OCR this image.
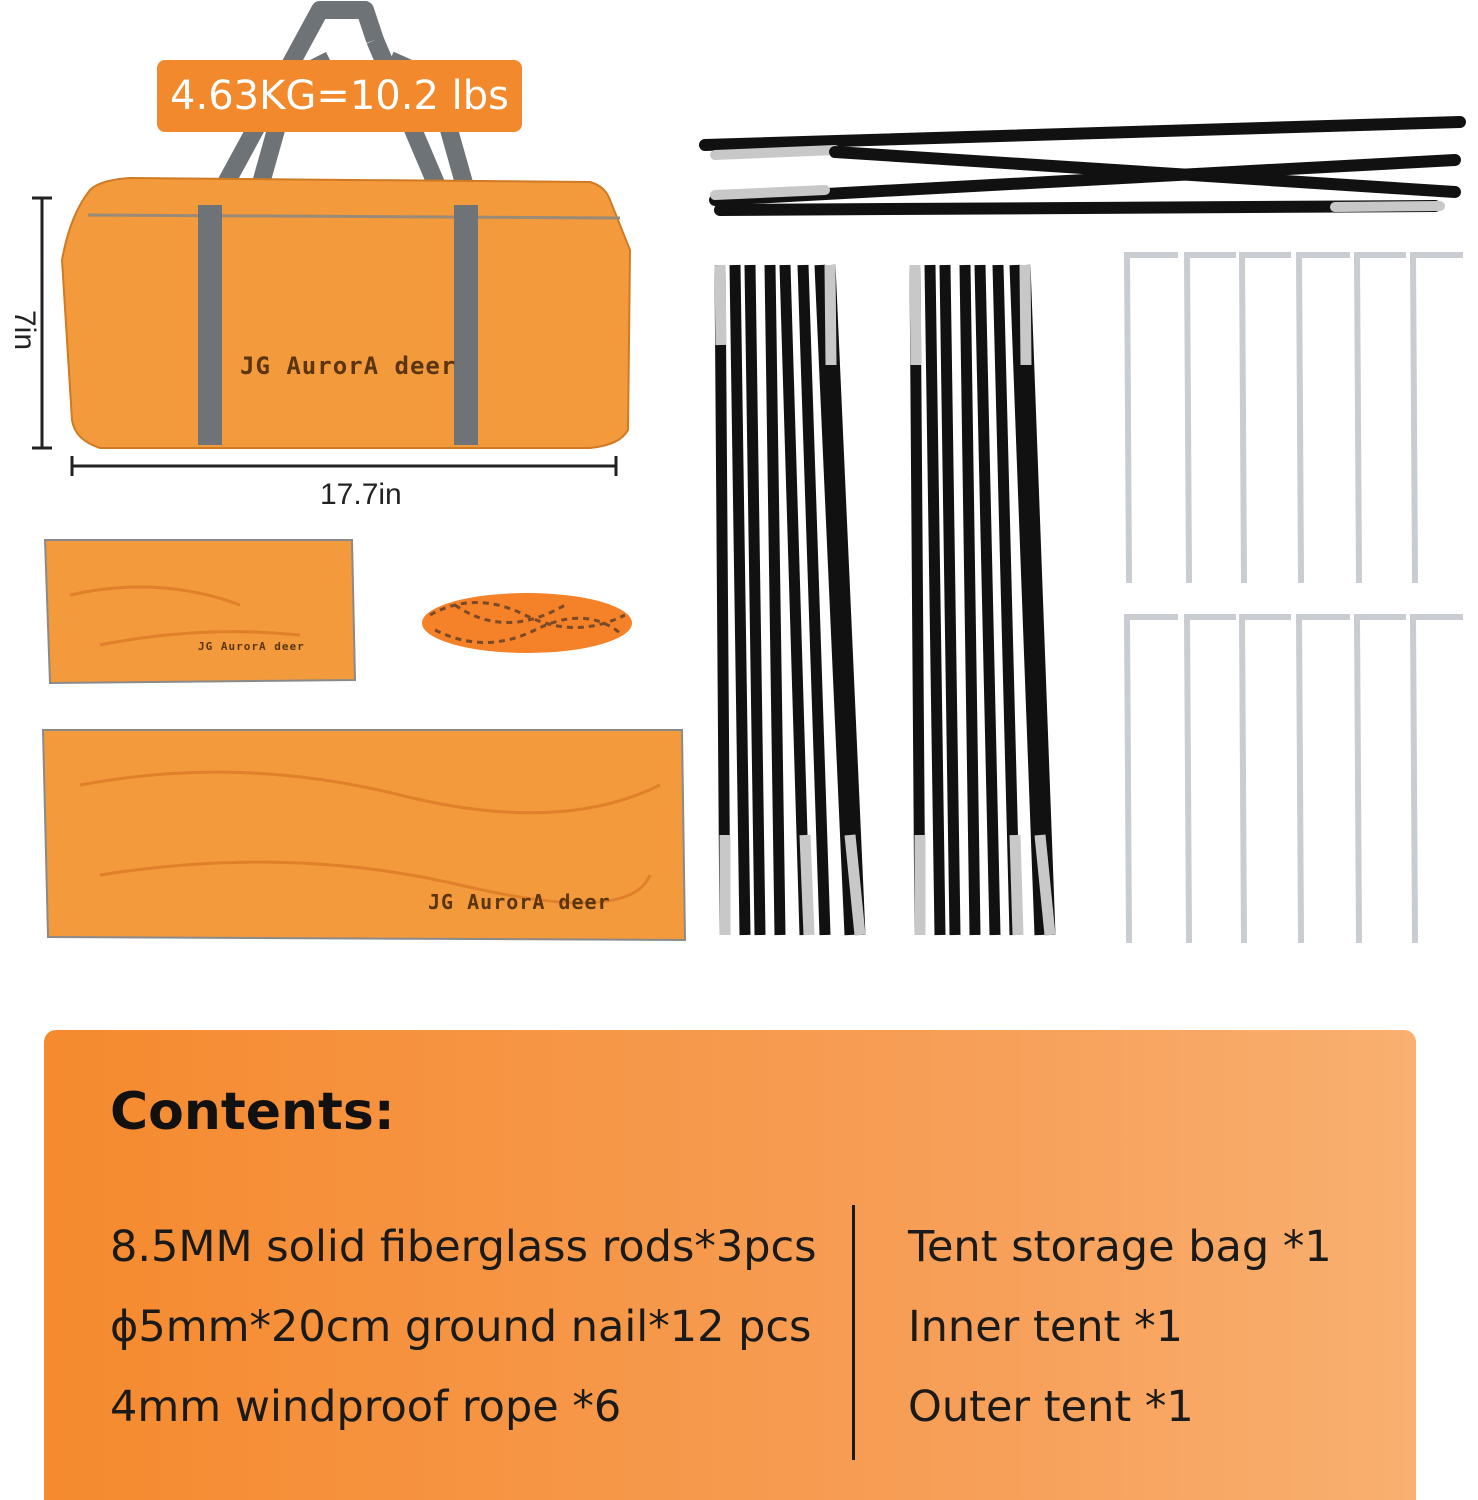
JG AurorA deer
4.63KG=10.2 lbs
7in
17.7in
JG AurorA deer
JG AurorA deer
Contents:
8.5MM solid fiberglass rods*3pcs
ϕ5mm*20cm ground nail*12 pcs
4mm windproof rope *6
Tent storage bag *1
Inner tent *1
Outer tent *1
